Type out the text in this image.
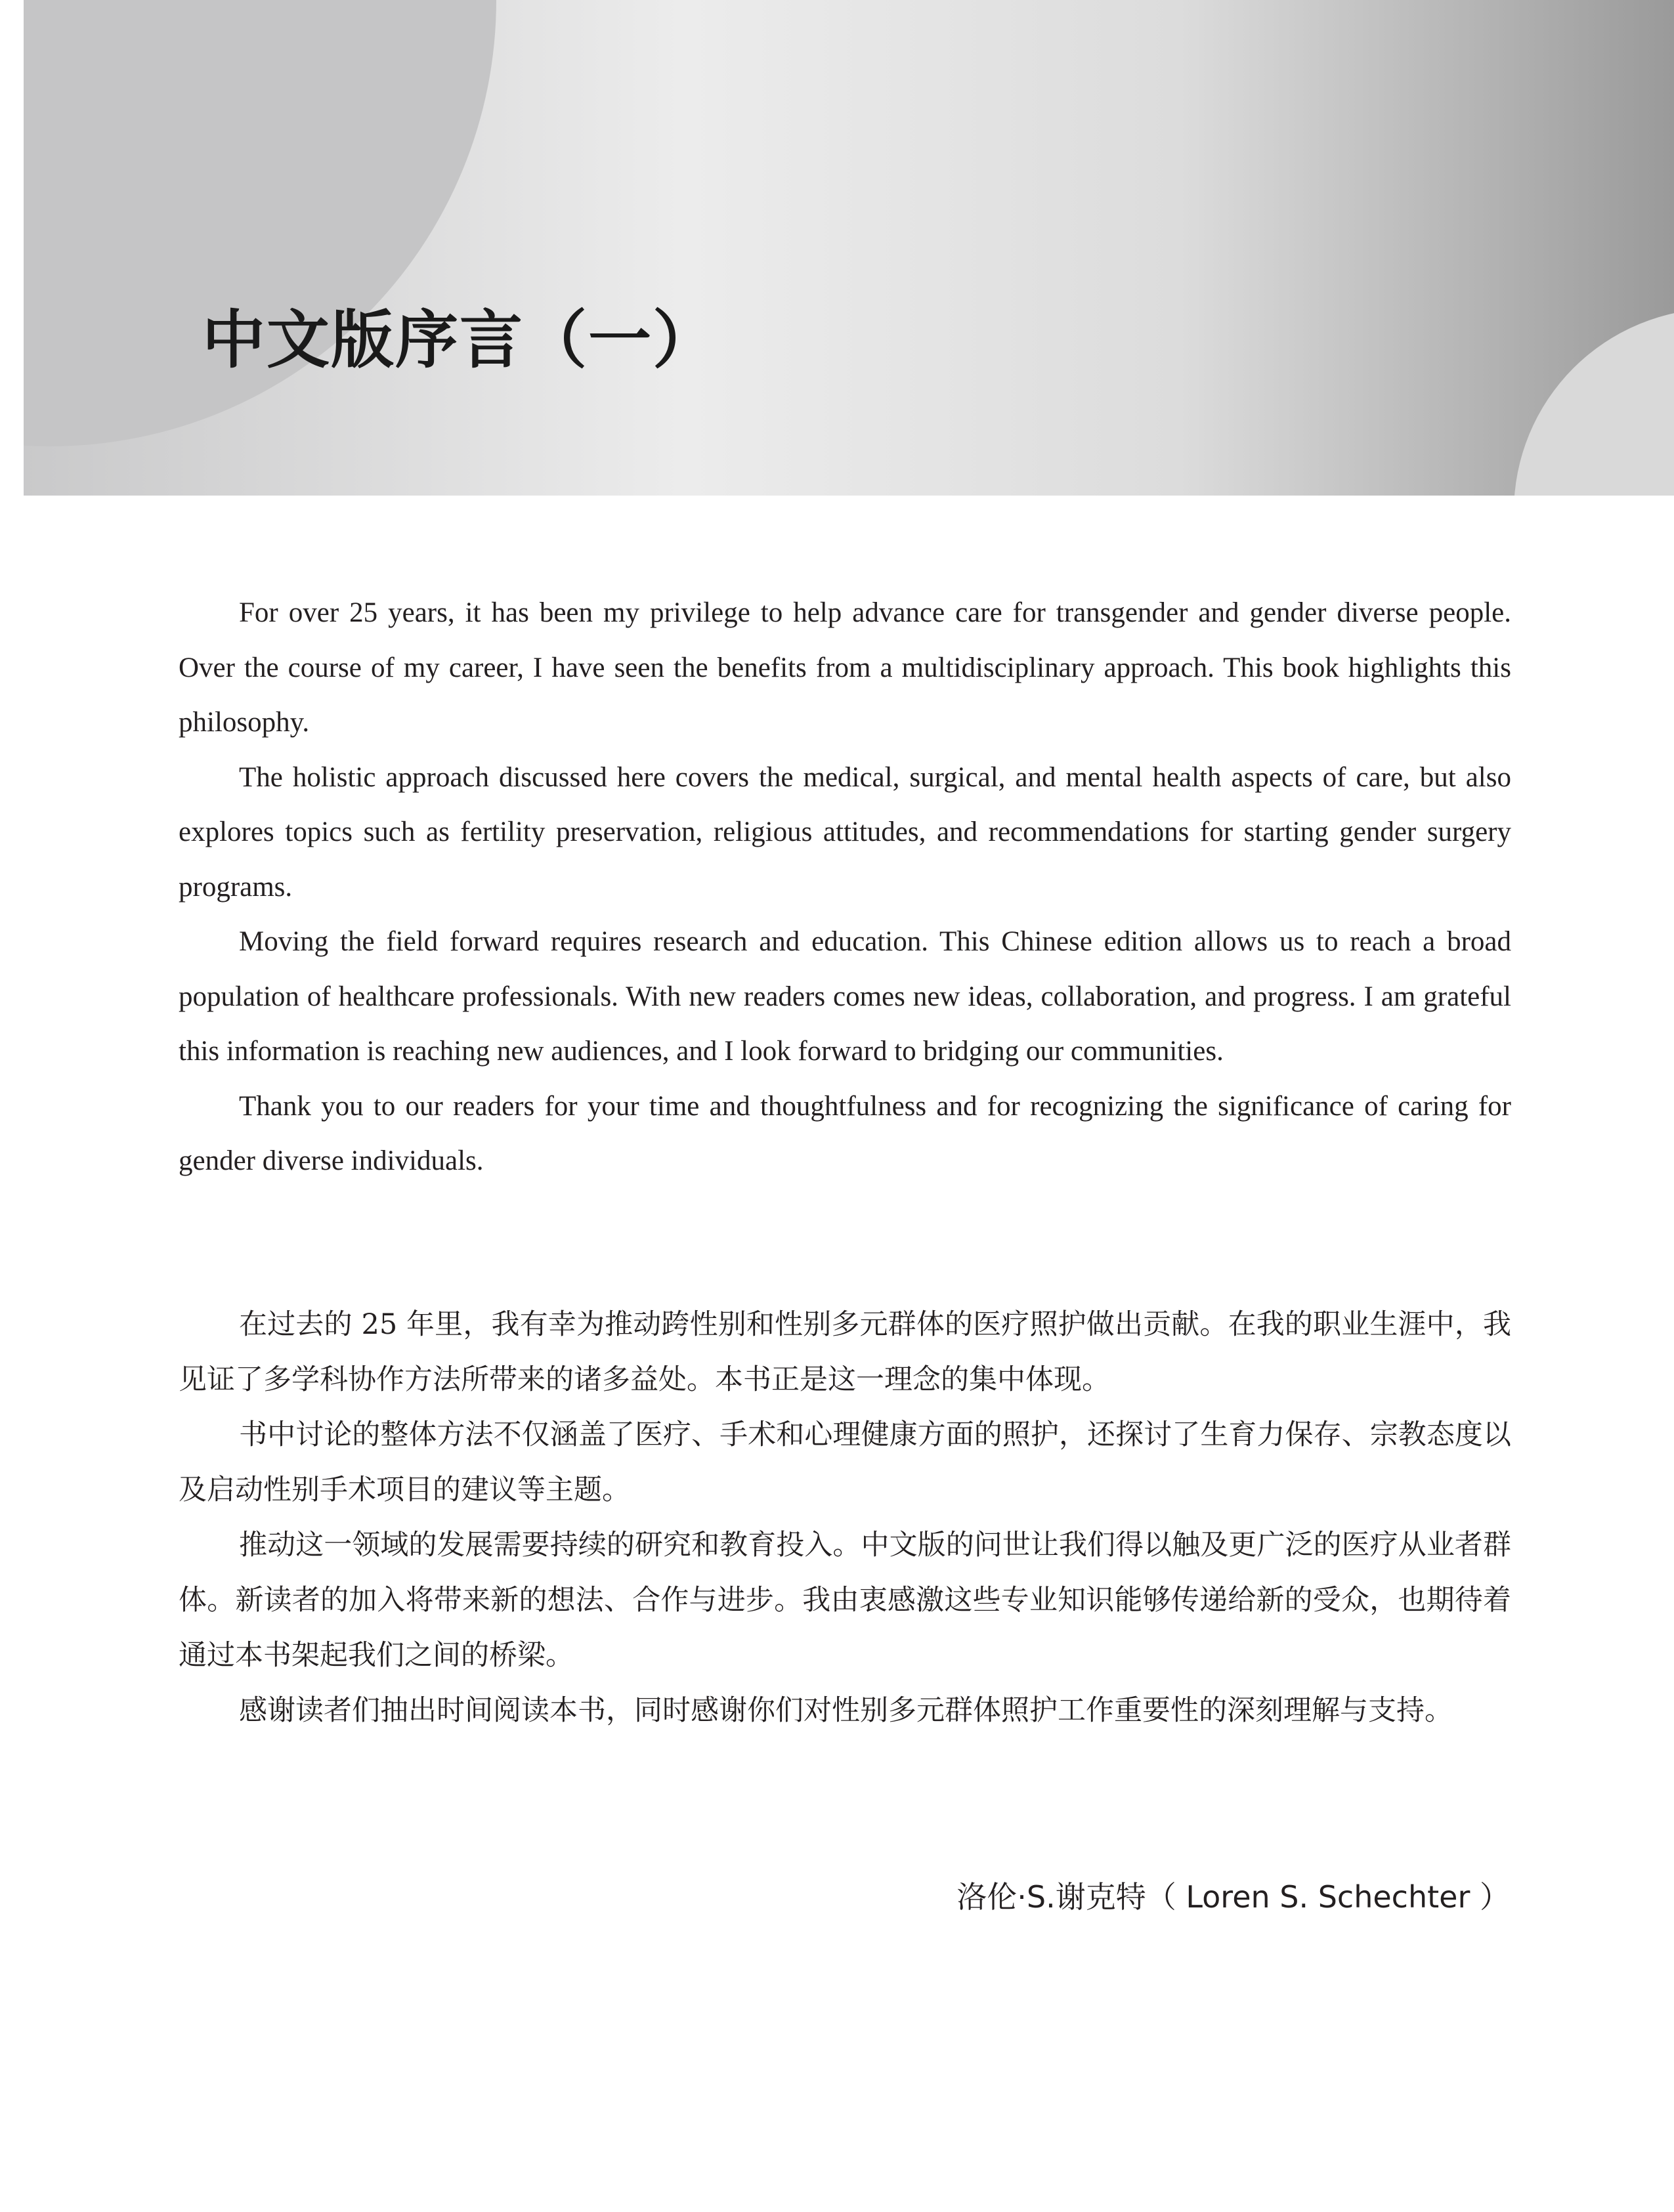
中文版序言（一）

For over 25 years, it has been my privilege to help advance care for transgender and gender diverse people. Over the course of my career, I have seen the benefits from a multidisciplinary approach. This book highlights this philosophy.

The holistic approach discussed here covers the medical, surgical, and mental health aspects of care, but also explores topics such as fertility preservation, religious attitudes, and recommendations for starting gender surgery programs.

Moving the field forward requires research and education. This Chinese edition allows us to reach a broad population of healthcare professionals. With new readers comes new ideas, collaboration, and progress. I am grateful this information is reaching new audiences, and I look forward to bridging our communities.

Thank you to our readers for your time and thoughtfulness and for recognizing the significance of caring for gender diverse individuals.

在过去的 25 年里，我有幸为推动跨性别和性别多元群体的医疗照护做出贡献。在我的职业生涯中，我见证了多学科协作方法所带来的诸多益处。本书正是这一理念的集中体现。

书中讨论的整体方法不仅涵盖了医疗、手术和心理健康方面的照护，还探讨了生育力保存、宗教态度以及启动性别手术项目的建议等主题。

推动这一领域的发展需要持续的研究和教育投入。中文版的问世让我们得以触及更广泛的医疗从业者群体。新读者的加入将带来新的想法、合作与进步。我由衷感激这些专业知识能够传递给新的受众，也期待着通过本书架起我们之间的桥梁。

感谢读者们抽出时间阅读本书，同时感谢你们对性别多元群体照护工作重要性的深刻理解与支持。

洛伦·S.谢克特（ Loren S. Schechter ）
